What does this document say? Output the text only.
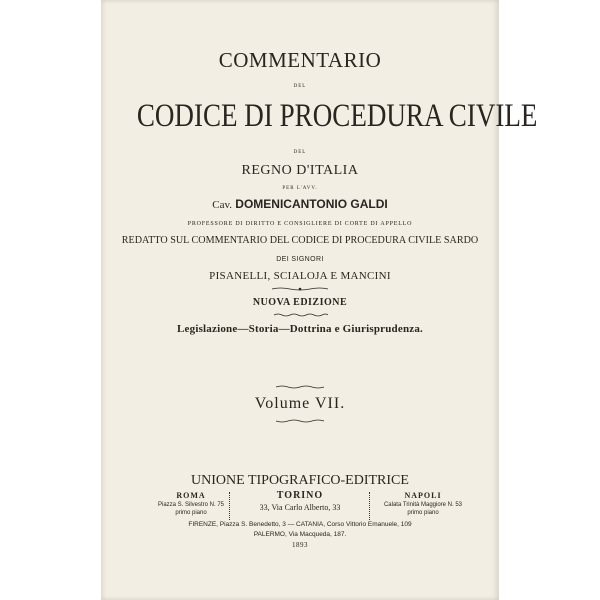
COMMENTARIO
DEL
CODICE DI PROCEDURA CIVILE
DEL
REGNO D'ITALIA
PER L'AVV.
Cav. DOMENICANTONIO GALDI
PROFESSORE DI DIRITTO E CONSIGLIERE DI CORTE DI APPELLO
REDATTO SUL COMMENTARIO DEL CODICE DI PROCEDURA CIVILE SARDO
DEI SIGNORI
PISANELLI, SCIALOJA E MANCINI
NUOVA EDIZIONE
Legislazione—Storia—Dottrina e Giurisprudenza.
Volume VII.
UNIONE TIPOGRAFICO-EDITRICE
ROMA
Piazza S. Silvestro N. 75
primo piano
TORINO
33, Via Carlo Alberto, 33
NAPOLI
Calata Trinità Maggiore N. 53
primo piano
FIRENZE, Piazza S. Benedetto, 3 — CATANIA, Corso Vittorio Emanuele, 109
PALERMO, Via Macqueda, 187.
1893
